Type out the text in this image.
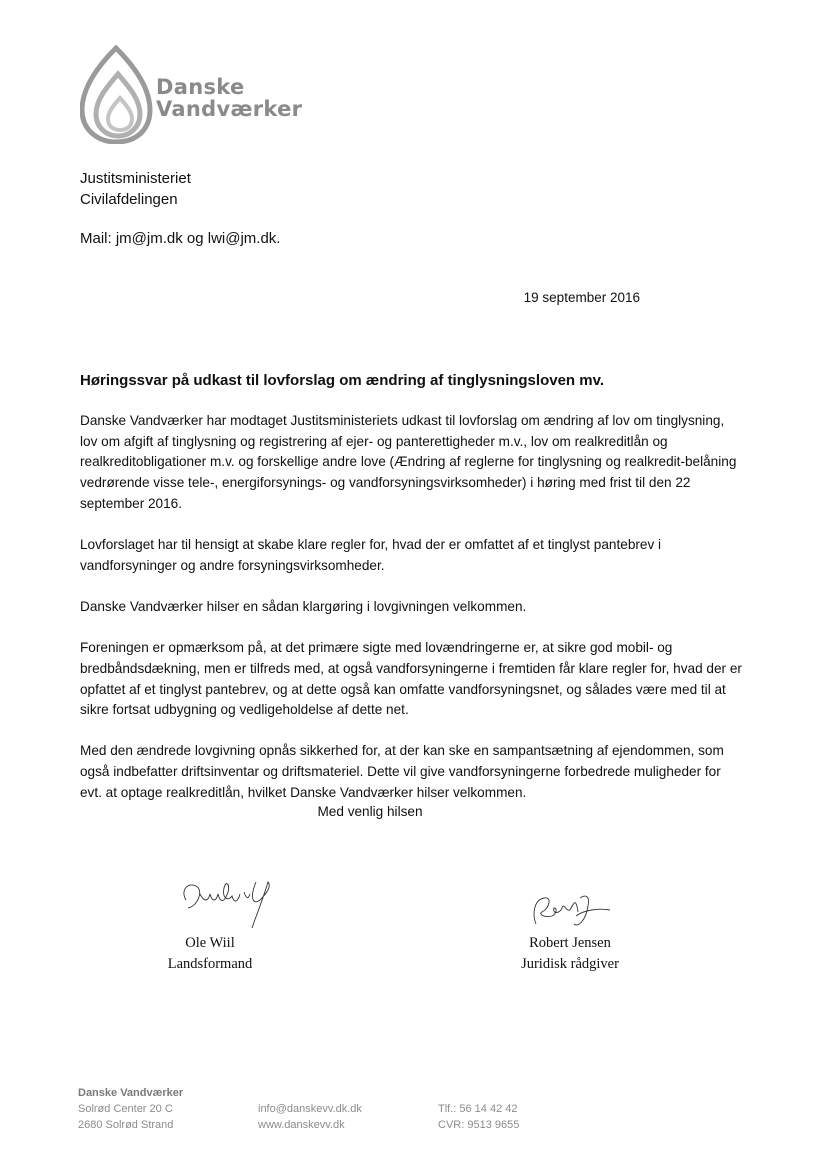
Danske
Vandværker
Justitsministeriet
Civilafdelingen
Mail: jm@jm.dk og lwi@jm.dk.
19 september 2016
Høringssvar på udkast til lovforslag om ændring af tinglysningsloven mv.

Danske Vandværker har modtaget Justitsministeriets udkast til lovforslag om ændring af lov om tinglysning, lov om afgift af tinglysning og registrering af ejer- og panterettigheder m.v., lov om realkreditlån og realkreditobligationer m.v. og forskellige andre love (Ændring af reglerne for tinglysning og realkredit-belåning vedrørende visse tele-, energiforsynings- og vandforsyningsvirksomheder) i høring med frist til den 22 september 2016.

Lovforslaget har til hensigt at skabe klare regler for, hvad der er omfattet af et tinglyst pantebrev i vandforsyninger og andre forsyningsvirksomheder.

Danske Vandværker hilser en sådan klargøring i lovgivningen velkommen.

Foreningen er opmærksom på, at det primære sigte med lovændringerne er, at sikre god mobil- og bredbåndsdækning, men er tilfreds med, at også vandforsyningerne i fremtiden får klare regler for, hvad der er opfattet af et tinglyst pantebrev, og at dette også kan omfatte vandforsyningsnet, og sålades være med til at sikre fortsat udbygning og vedligeholdelse af dette net.

Med den ændrede lovgivning opnås sikkerhed for, at der kan ske en sampantsætning af ejendommen, som også indbefatter driftsinventar og driftsmateriel. Dette vil give vandforsyningerne forbedrede muligheder for evt. at optage realkreditlån, hvilket Danske Vandværker hilser velkommen.

Med venlig hilsen
Ole Wiil
Landsformand
Robert Jensen
Juridisk rådgiver
Danske Vandværker
Solrød Center 20 C
2680 Solrød Strand
info@danskevv.dk.dk
www.danskevv.dk
Tlf.: 56 14 42 42
CVR: 9513 9655
